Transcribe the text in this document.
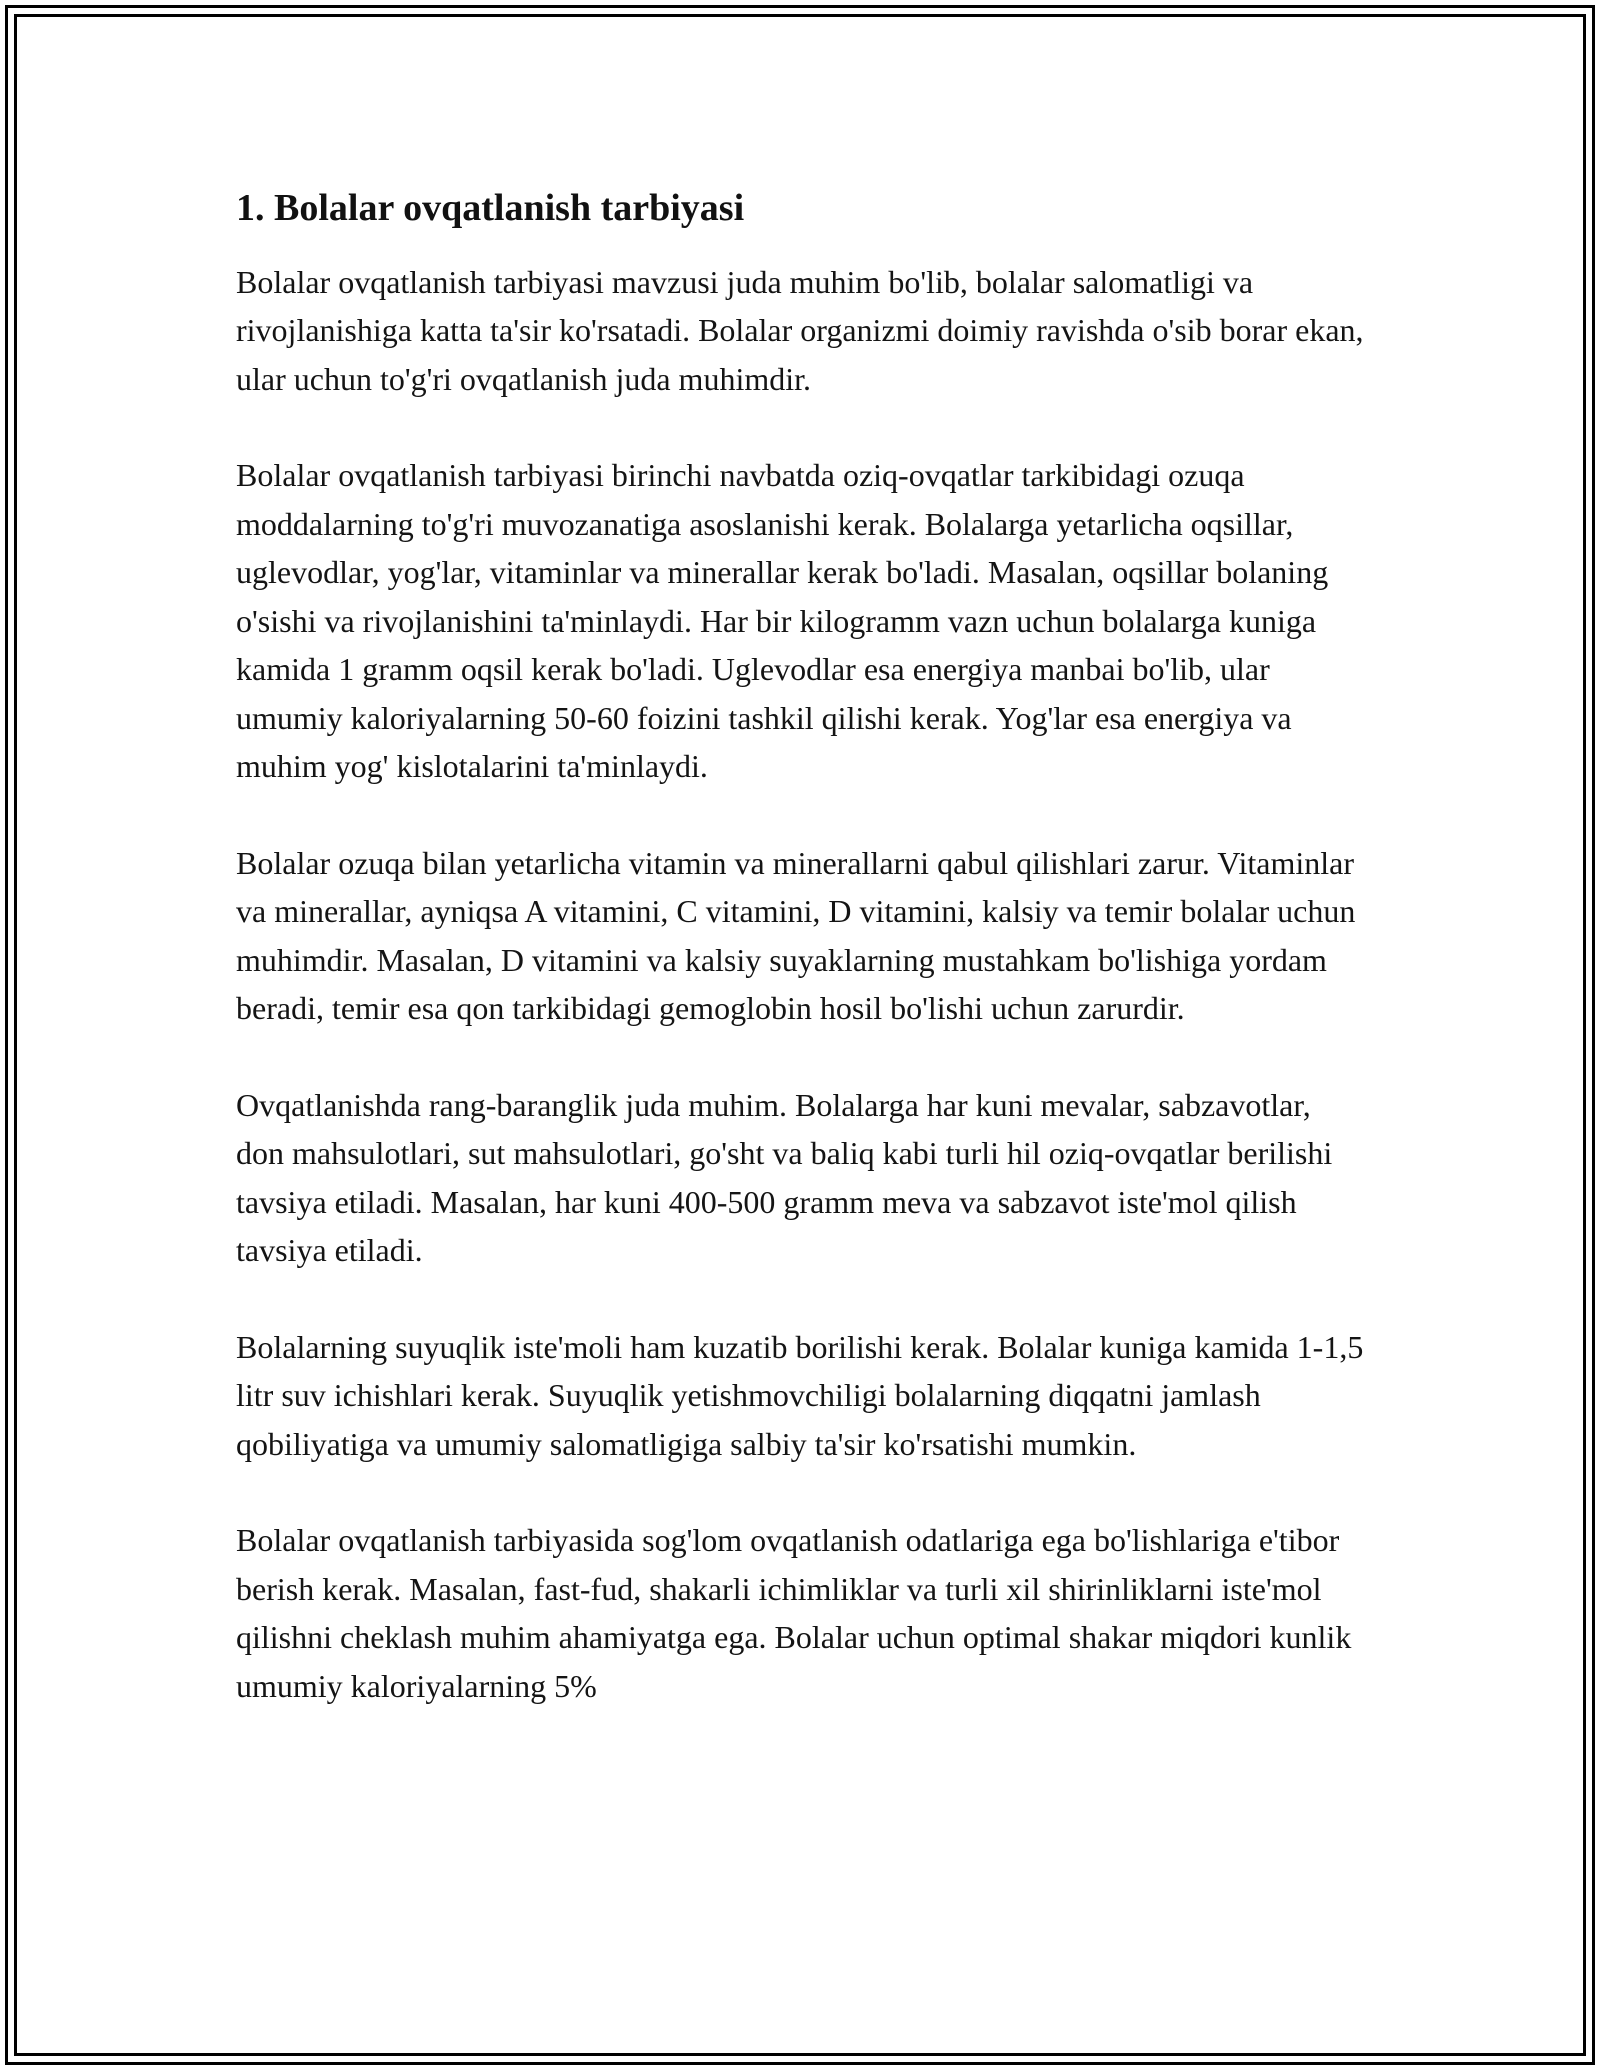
1. Bolalar ovqatlanish tarbiyasi

Bolalar ovqatlanish tarbiyasi mavzusi juda muhim bo'lib, bolalar salomatligi va rivojlanishiga katta ta'sir ko'rsatadi. Bolalar organizmi doimiy ravishda o'sib borar ekan, ular uchun to'g'ri ovqatlanish juda muhimdir.

Bolalar ovqatlanish tarbiyasi birinchi navbatda oziq-ovqatlar tarkibidagi ozuqa moddalarning to'g'ri muvozanatiga asoslanishi kerak. Bolalarga yetarlicha oqsillar, uglevodlar, yog'lar, vitaminlar va minerallar kerak bo'ladi. Masalan, oqsillar bolaning o'sishi va rivojlanishini ta'minlaydi. Har bir kilogramm vazn uchun bolalarga kuniga kamida 1 gramm oqsil kerak bo'ladi. Uglevodlar esa energiya manbai bo'lib, ular umumiy kaloriyalarning 50-60 foizini tashkil qilishi kerak. Yog'lar esa energiya va muhim yog' kislotalarini ta'minlaydi.

Bolalar ozuqa bilan yetarlicha vitamin va minerallarni qabul qilishlari zarur. Vitaminlar va minerallar, ayniqsa A vitamini, C vitamini, D vitamini, kalsiy va temir bolalar uchun muhimdir. Masalan, D vitamini va kalsiy suyaklarning mustahkam bo'lishiga yordam beradi, temir esa qon tarkibidagi gemoglobin hosil bo'lishi uchun zarurdir.

Ovqatlanishda rang-baranglik juda muhim. Bolalarga har kuni mevalar, sabzavotlar, don mahsulotlari, sut mahsulotlari, go'sht va baliq kabi turli hil oziq-ovqatlar berilishi tavsiya etiladi. Masalan, har kuni 400-500 gramm meva va sabzavot iste'mol qilish tavsiya etiladi.

Bolalarning suyuqlik iste'moli ham kuzatib borilishi kerak. Bolalar kuniga kamida 1-1,5 litr suv ichishlari kerak. Suyuqlik yetishmovchiligi bolalarning diqqatni jamlash qobiliyatiga va umumiy salomatligiga salbiy ta'sir ko'rsatishi mumkin.

Bolalar ovqatlanish tarbiyasida sog'lom ovqatlanish odatlariga ega bo'lishlariga e'tibor berish kerak. Masalan, fast-fud, shakarli ichimliklar va turli xil shirinliklarni iste'mol qilishni cheklash muhim ahamiyatga ega. Bolalar uchun optimal shakar miqdori kunlik umumiy kaloriyalarning 5%
